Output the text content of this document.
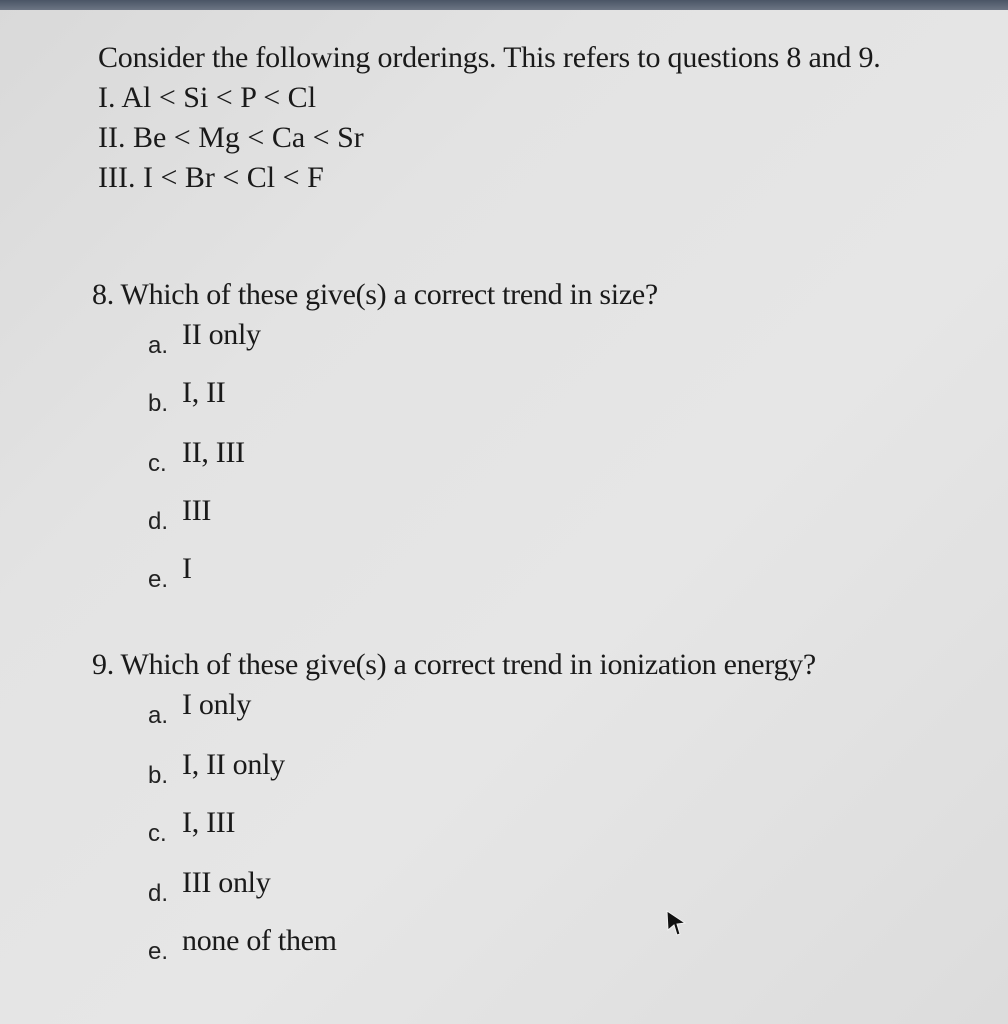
Consider the following orderings. This refers to questions 8 and 9.
I. Al < Si < P < Cl
II. Be < Mg < Ca < Sr
III. I < Br < Cl < F
8. Which of these give(s) a correct trend in size?
a. II only
b. I, II
c. II, III
d. III
e. I
9. Which of these give(s) a correct trend in ionization energy?
a. I only
b. I, II only
c. I, III
d. III only
e. none of them
